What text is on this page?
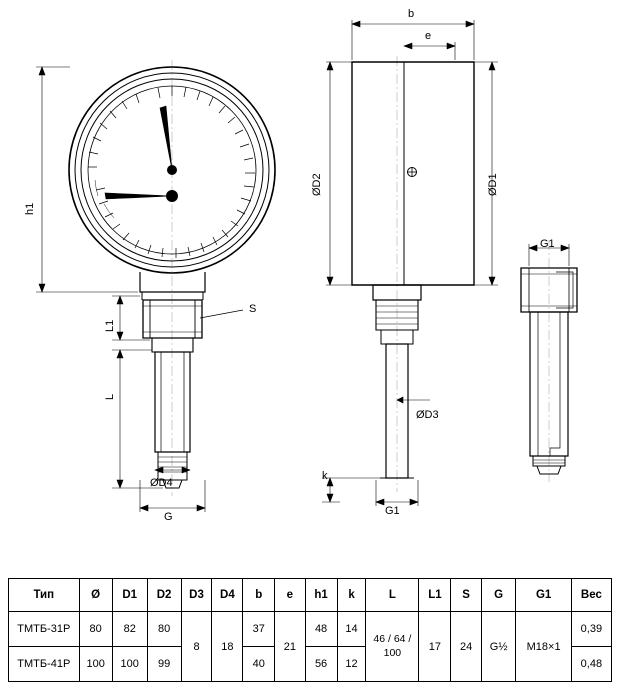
h1
L1
L
S
ØD4
G
b
e
ØD2	ØD1
ØD3
k
G1
G1
Тип	Ø	D1	D2	D3	D4	b	e	h1	k	L	L1	S	G	G1	Вес
ТМТБ-31Р	80	82	80	8	18	37	21	48	14	46 / 64 / 100	17	24	G½	M18×1	0,39
ТМТБ-41Р	100	100	99			40		56	12						0,48
